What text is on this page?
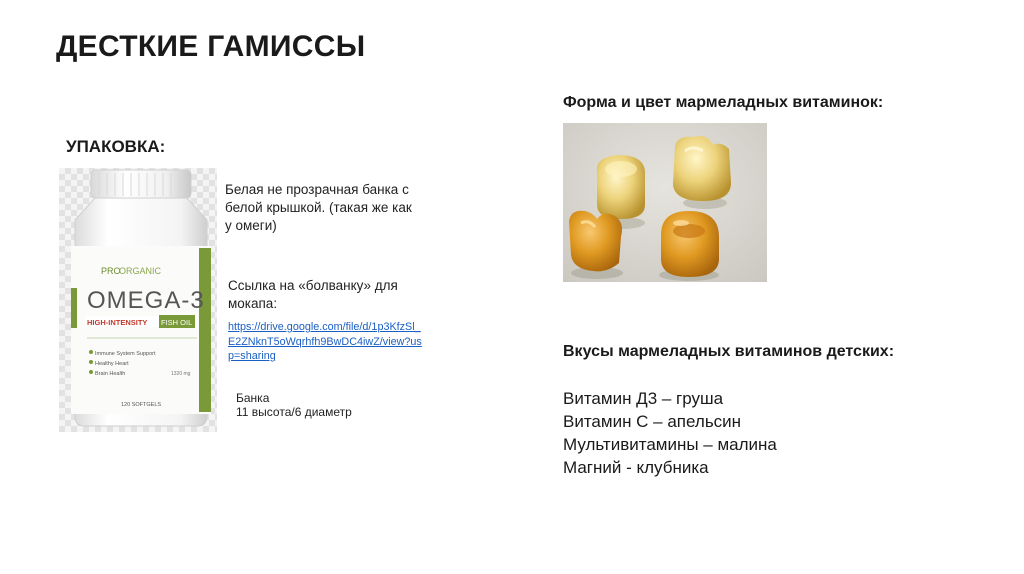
ДЕСТКИЕ ГАМИССЫ
УПАКОВКА:
PRO
ORGANIC
OMEGA-3
HIGH-INTENSITY FISH OIL
Immune System Support
Healthy Heart
Brain Health	1320 mg
120 SOFTGELS
Белая не прозрачная банка с белой крышкой. (такая же как у омеги)
Ссылка на «болванку» для мокапа:
https://drive.google.com/file/d/1p3KfzSl_E2ZNknT5oWqrhfh9BwDC4iwZ/view?usp=sharing
Банка
11 высота/6 диаметр
Форма и цвет мармеладных витаминок:
Вкусы мармеладных витаминов детских:
Витамин Д3 – груша
Витамин С – апельсин
Мультивитамины – малина
Магний - клубника
